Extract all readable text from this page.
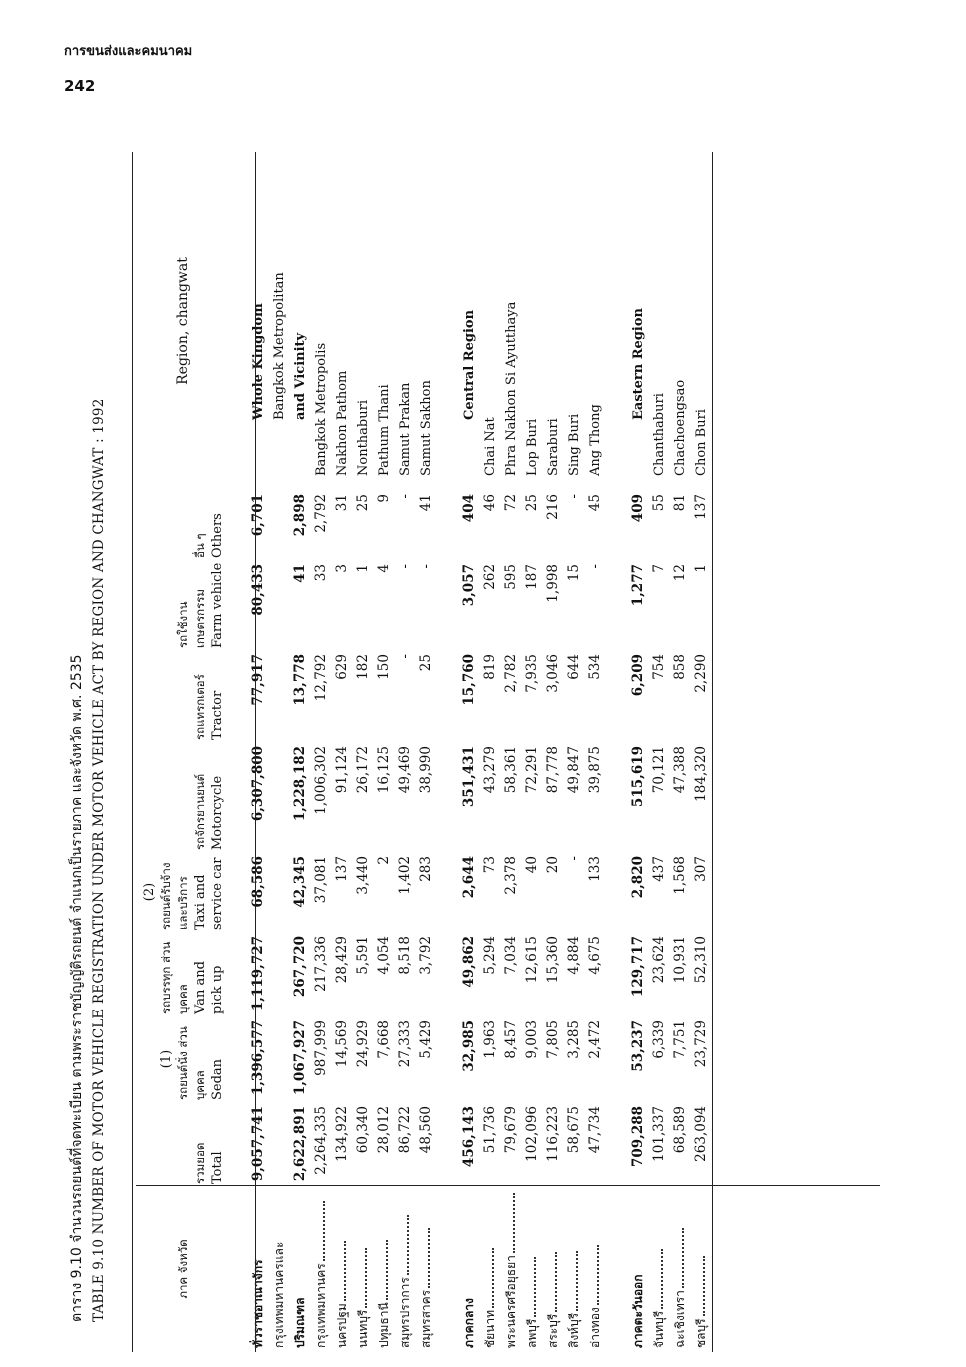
การขนส่งและคมนาคม
242
ตาราง 9.10 จำนวนรถยนต์ที่จดทะเบียน ตามพระราชบัญญัติรถยนต์ จำแนกเป็นรายภาค และจังหวัด พ.ศ. 2535 TABLE 9.10 NUMBER OF MOTOR VEHICLE REGISTRATION UNDER MOTOR VEHICLE ACT BY REGION AND CHANGWAT : 1992	ภาค จังหวัด	รวมยอด Total	(1) รถยนต์นั่ง ส่วนบุคคล Sedan	รถบรรทุก ส่วนบุคคล Van and pick up	(2) รถยนต์รับจ้าง และบริการ Taxi and service car	รถจักรยานยนต์ Motorcycle	รถแทรกเตอร์ Tractor	รถใช้งาน เกษตรกรรม Farm vehicle	อื่น ๆ Others	Region, changwat
ทั่วราชอาณาจักร	9,057,741	1,396,577	1,119,727	68,586	6,307,800	77,917	80,433	6,701	Whole Kingdom
กรุงเทพมหานครและ									Bangkok Metropolitan
ปริมณฑล	2,622,891	1,067,927	267,720	42,345	1,228,182	13,778	41	2,898	and Vicinity
กรุงเทพมหานคร	2,264,335	987,999	217,336	37,081	1,006,302	12,792	33	2,792	Bangkok Metropolis
นครปฐม	134,922	14,569	28,429	137	91,124	629	3	31	Nakhon Pathom
นนทบุรี	60,340	24,929	5,591	3,440	26,172	182	1	25	Nonthaburi
ปทุมธานี	28,012	7,668	4,054	2	16,125	150	4	9	Pathum Thani
สมุทรปราการ	86,722	27,333	8,518	1,402	49,469	-	-	-	Samut Prakan
สมุทรสาคร	48,560	5,429	3,792	283	38,990	25	-	41	Samut Sakhon

ภาคกลาง	456,143	32,985	49,862	2,644	351,431	15,760	3,057	404	Central Region
ชัยนาท	51,736	1,963	5,294	73	43,279	819	262	46	Chai Nat
พระนครศรีอยุธยา	79,679	8,457	7,034	2,378	58,361	2,782	595	72	Phra Nakhon Si Ayutthaya
ลพบุรี	102,096	9,003	12,615	40	72,291	7,935	187	25	Lop Buri
สระบุรี	116,223	7,805	15,360	20	87,778	3,046	1,998	216	Saraburi
สิงห์บุรี	58,675	3,285	4,884	-	49,847	644	15	-	Sing Buri
อ่างทอง	47,734	2,472	4,675	133	39,875	534	-	45	Ang Thong

ภาคตะวันออก	709,288	53,237	129,717	2,820	515,619	6,209	1,277	409	Eastern Region
จันทบุรี	101,337	6,339	23,624	437	70,121	754	7	55	Chanthaburi
ฉะเชิงเทรา	68,589	7,751	10,931	1,568	47,388	858	12	81	Chachoengsao
ชลบุรี	263,094	23,729	52,310	307	184,320	2,290	1	137	Chon Buri
